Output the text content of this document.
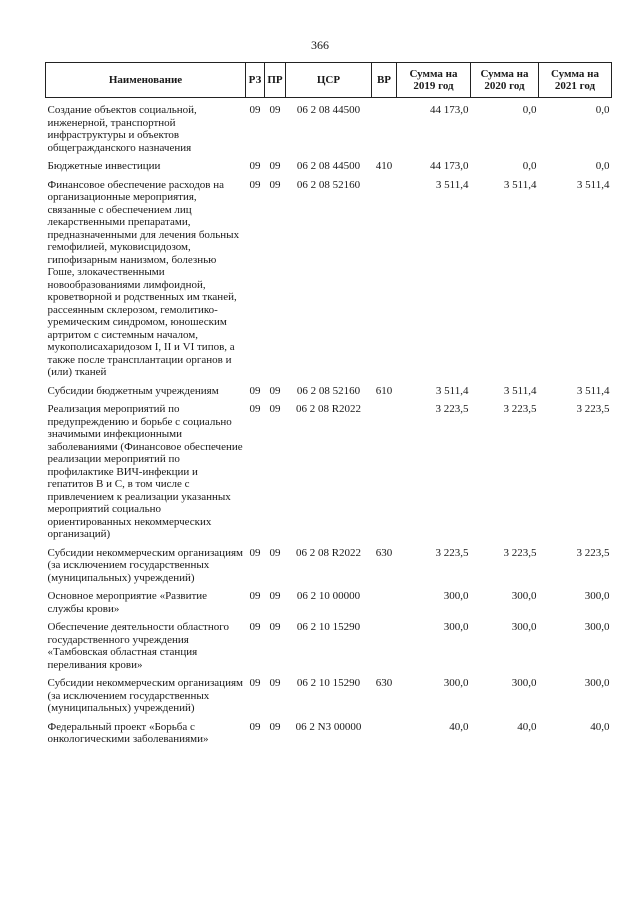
366
Наименование	РЗ	ПР	ЦСР	ВР	Сумма на 2019 год	Сумма на 2020 год	Сумма на 2021 год

Создание объектов социальной, инженерной, транспортной инфраструктуры и объектов общегражданского назначения	09	09	06 2 08 44500		44 173,0	0,0	0,0

Бюджетные инвестиции	09	09	06 2 08 44500	410	44 173,0	0,0	0,0

Финансовое обеспечение расходов на организационные мероприятия, связанные с обеспечением лиц лекарственными препаратами, предназначенными для лечения больных гемофилией, муковисцидозом, гипофизарным нанизмом, болезнью Гоше, злокачественными новообразованиями лимфоидной, кроветворной и родственных им тканей, рассеянным склерозом, гемолитико-уремическим синдромом, юношеским артритом с системным началом, мукополисахаридозом I, II и VI типов, а также после трансплантации органов и (или) тканей	09	09	06 2 08 52160		3 511,4	3 511,4	3 511,4

Субсидии бюджетным учреждениям	09	09	06 2 08 52160	610	3 511,4	3 511,4	3 511,4

Реализация мероприятий по предупреждению и борьбе с социально значимыми инфекционными заболеваниями (Финансовое обеспечение реализации мероприятий по профилактике ВИЧ-инфекции и гепатитов В и С, в том числе с привлечением к реализации указанных мероприятий социально ориентированных некоммерческих организаций)	09	09	06 2 08 R2022		3 223,5	3 223,5	3 223,5

Субсидии некоммерческим организациям (за исключением государственных (муниципальных) учреждений)	09	09	06 2 08 R2022	630	3 223,5	3 223,5	3 223,5

Основное мероприятие «Развитие службы крови»	09	09	06 2 10 00000		300,0	300,0	300,0

Обеспечение деятельности областного государственного учреждения «Тамбовская областная станция переливания крови»	09	09	06 2 10 15290		300,0	300,0	300,0

Субсидии некоммерческим организациям (за исключением государственных (муниципальных) учреждений)	09	09	06 2 10 15290	630	300,0	300,0	300,0

Федеральный проект «Борьба с онкологическими заболеваниями»	09	09	06 2 N3 00000		40,0	40,0	40,0
